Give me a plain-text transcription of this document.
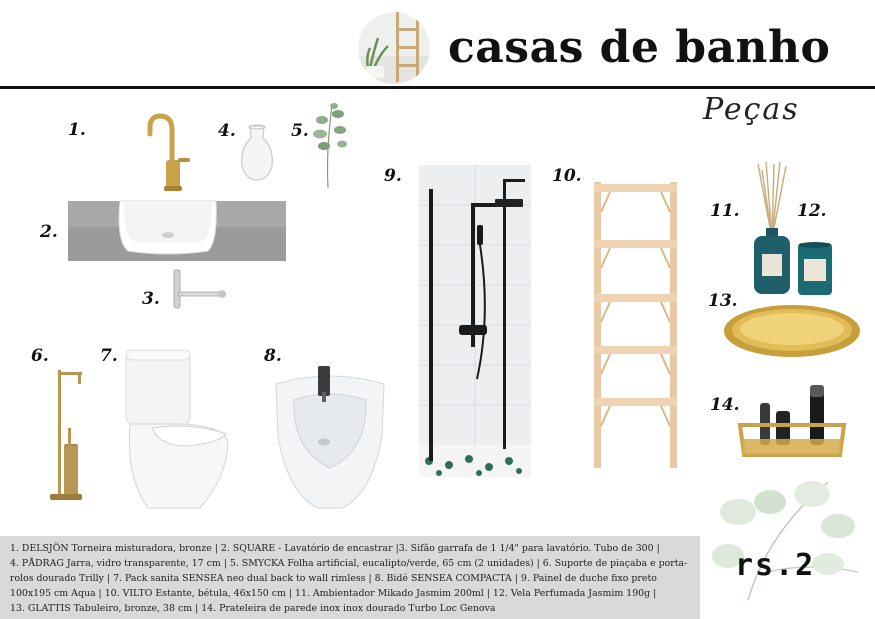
casas de banho
Peças
1.
2.
3.
4.	5.
6.	7.	8.
9.	10.
11.	12.
13.
14.
rs.2
1. DELSJÖN Torneira misturadora, bronze | 2. SQUARE - Lavatório de encastrar |3. Sifão garrafa de 1 1/4" para lavatório. Tubo de 300 |
4. PÅDRAG Jarra, vidro transparente, 17 cm | 5. SMYCKA Folha artificial, eucalipto/verde, 65 cm (2 unidades) | 6. Suporte de piaçaba e porta-
rolos dourado Trilly | 7. Pack sanita SENSEA neo dual back to wall rimless | 8. Bidé SENSEA COMPACTA | 9. Painel de duche fixo preto
100x195 cm Aqua | 10. VILTO Estante, bétula, 46x150 cm | 11. Ambientador Mikado Jasmim 200ml | 12. Vela Perfumada Jasmim 190g |
13. GLATTIS Tabuleiro, bronze, 38 cm | 14. Prateleira de parede inox inox dourado Turbo Loc Genova
